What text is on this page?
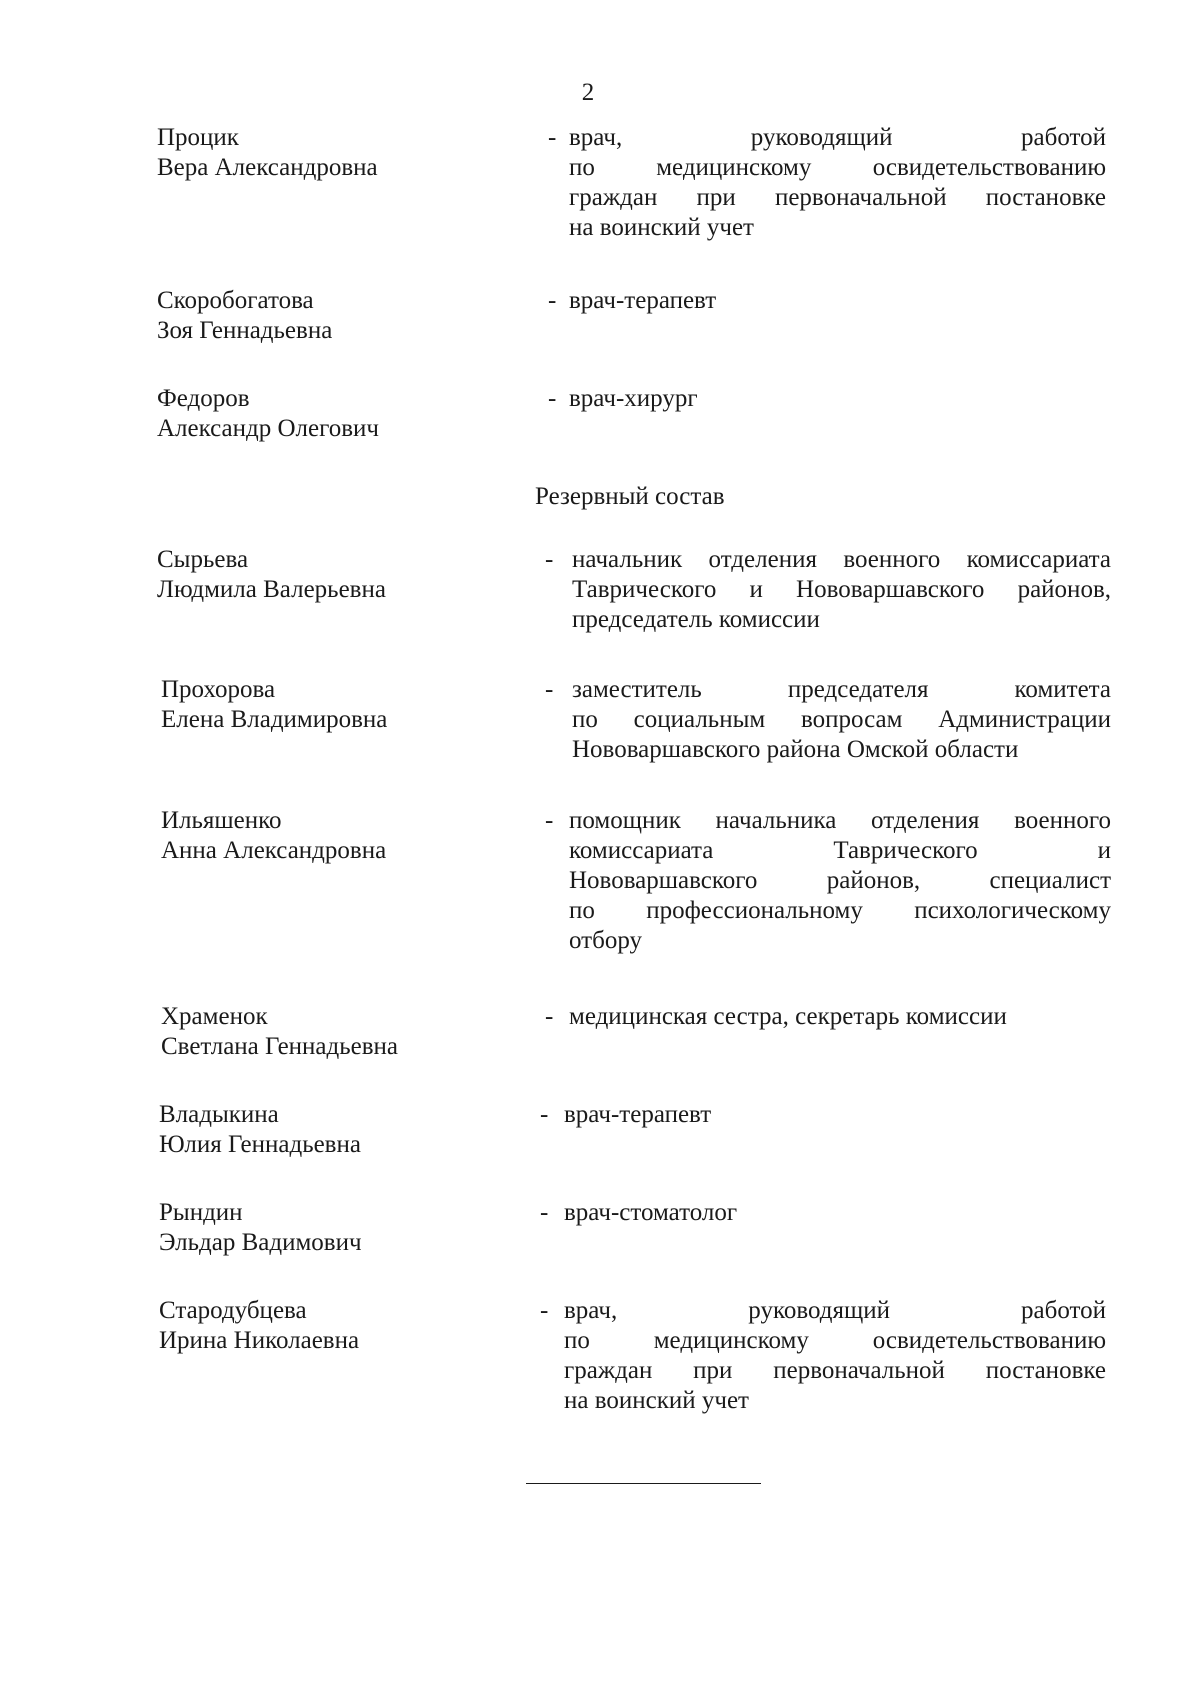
2
Процик
Вера Александровна
- врач, руководящий работой
по медицинскому освидетельствованию
граждан при первоначальной постановке
на воинский учет
Скоробогатова
Зоя Геннадьевна
- врач-терапевт
Федоров
Александр Олегович
- врач-хирург
Резервный состав
Сырьева
Людмила Валерьевна
- начальник отделения военного комиссариата
Таврического и Нововаршавского районов,
председатель комиссии
Прохорова
Елена Владимировна
- заместитель председателя комитета
по социальным вопросам Администрации
Нововаршавского района Омской области
Ильяшенко
Анна Александровна
- помощник начальника отделения военного
комиссариата Таврического и
Нововаршавского районов, специалист
по профессиональному психологическому
отбору
Храменок
Светлана Геннадьевна
- медицинская сестра, секретарь комиссии
Владыкина
Юлия Геннадьевна
- врач-терапевт
Рындин
Эльдар Вадимович
- врач-стоматолог
Стародубцева
Ирина Николаевна
- врач, руководящий работой
по медицинскому освидетельствованию
граждан при первоначальной постановке
на воинский учет
